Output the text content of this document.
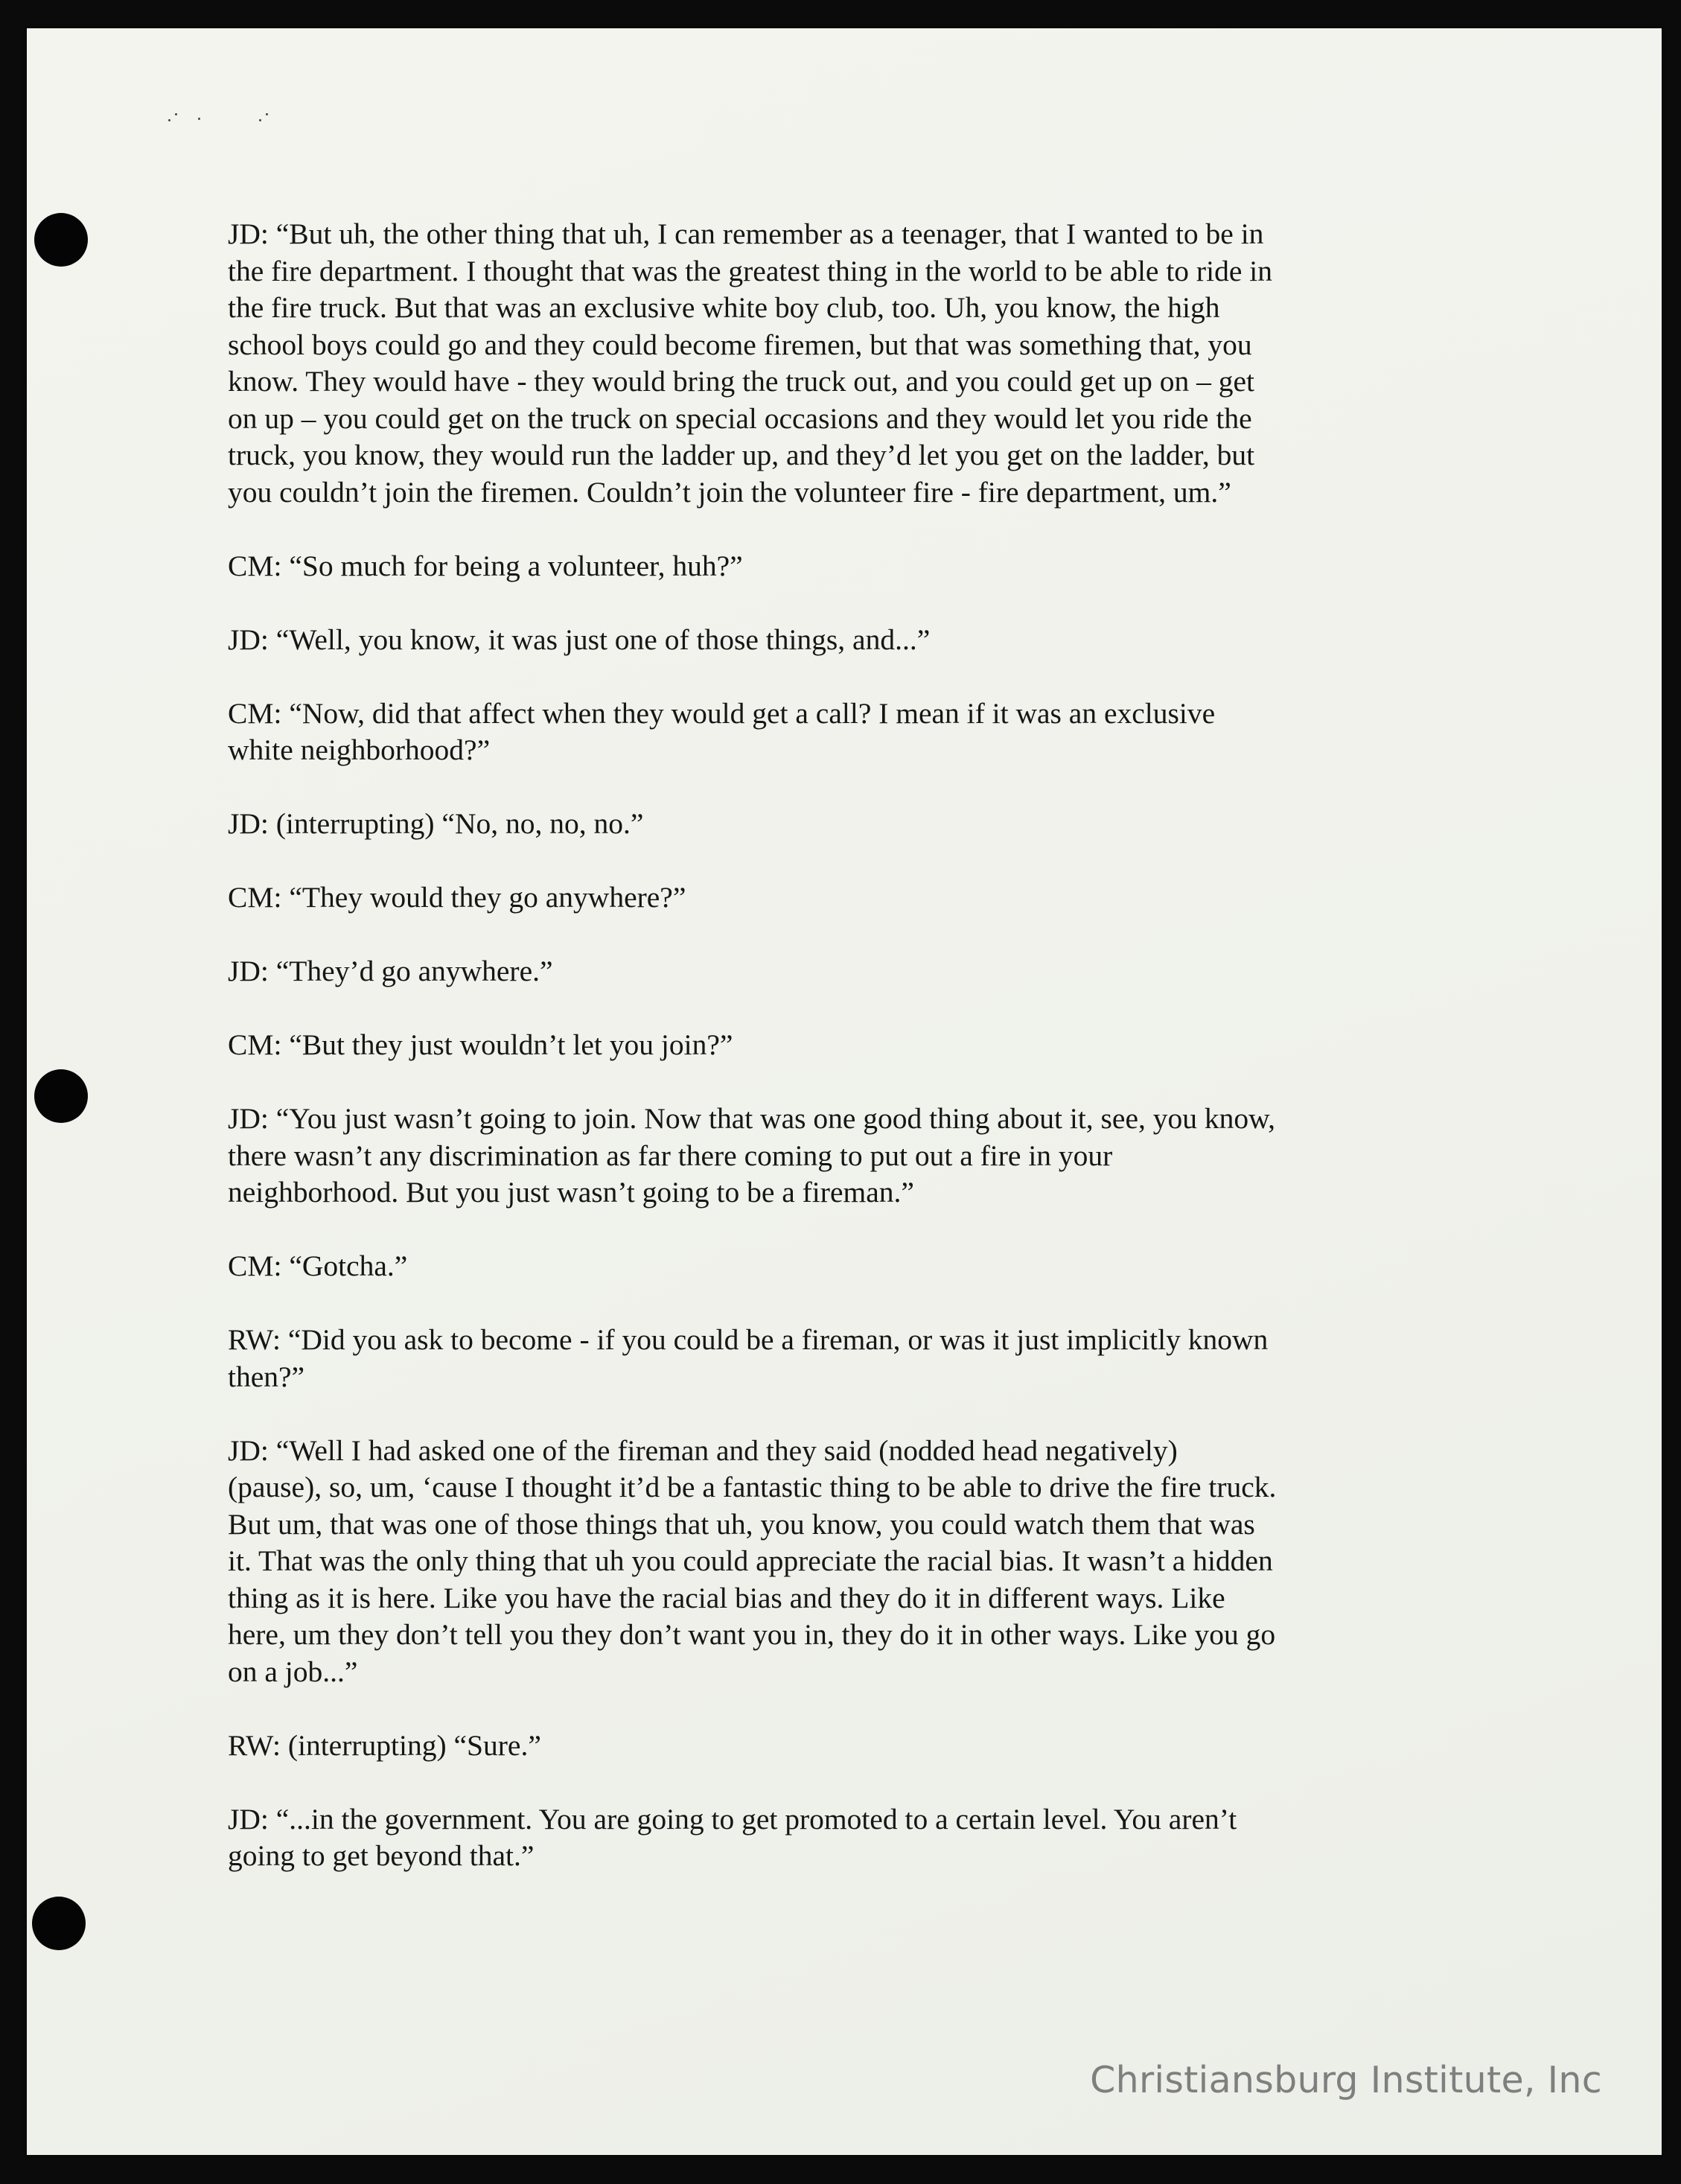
JD: “But uh, the other thing that uh, I can remember as a teenager, that I wanted to be in
the fire department. I thought that was the greatest thing in the world to be able to ride in
the fire truck. But that was an exclusive white boy club, too. Uh, you know, the high
school boys could go and they could become firemen, but that was something that, you
know. They would have - they would bring the truck out, and you could get up on – get
on up – you could get on the truck on special occasions and they would let you ride the
truck, you know, they would run the ladder up, and they’d let you get on the ladder, but
you couldn’t join the firemen. Couldn’t join the volunteer fire - fire department, um.”

CM: “So much for being a volunteer, huh?”

JD: “Well, you know, it was just one of those things, and...”

CM: “Now, did that affect when they would get a call? I mean if it was an exclusive
white neighborhood?”

JD: (interrupting) “No, no, no, no.”

CM: “They would they go anywhere?”

JD: “They’d go anywhere.”

CM: “But they just wouldn’t let you join?”

JD: “You just wasn’t going to join. Now that was one good thing about it, see, you know,
there wasn’t any discrimination as far there coming to put out a fire in your
neighborhood. But you just wasn’t going to be a fireman.”

CM: “Gotcha.”

RW: “Did you ask to become - if you could be a fireman, or was it just implicitly known
then?”

JD: “Well I had asked one of the fireman and they said (nodded head negatively)
(pause), so, um, ‘cause I thought it’d be a fantastic thing to be able to drive the fire truck.
But um, that was one of those things that uh, you know, you could watch them that was
it. That was the only thing that uh you could appreciate the racial bias. It wasn’t a hidden
thing as it is here. Like you have the racial bias and they do it in different ways. Like
here, um they don’t tell you they don’t want you in, they do it in other ways. Like you go
on a job...”

RW: (interrupting) “Sure.”

JD: “...in the government. You are going to get promoted to a certain level. You aren’t
going to get beyond that.”

Christiansburg Institute, Inc
